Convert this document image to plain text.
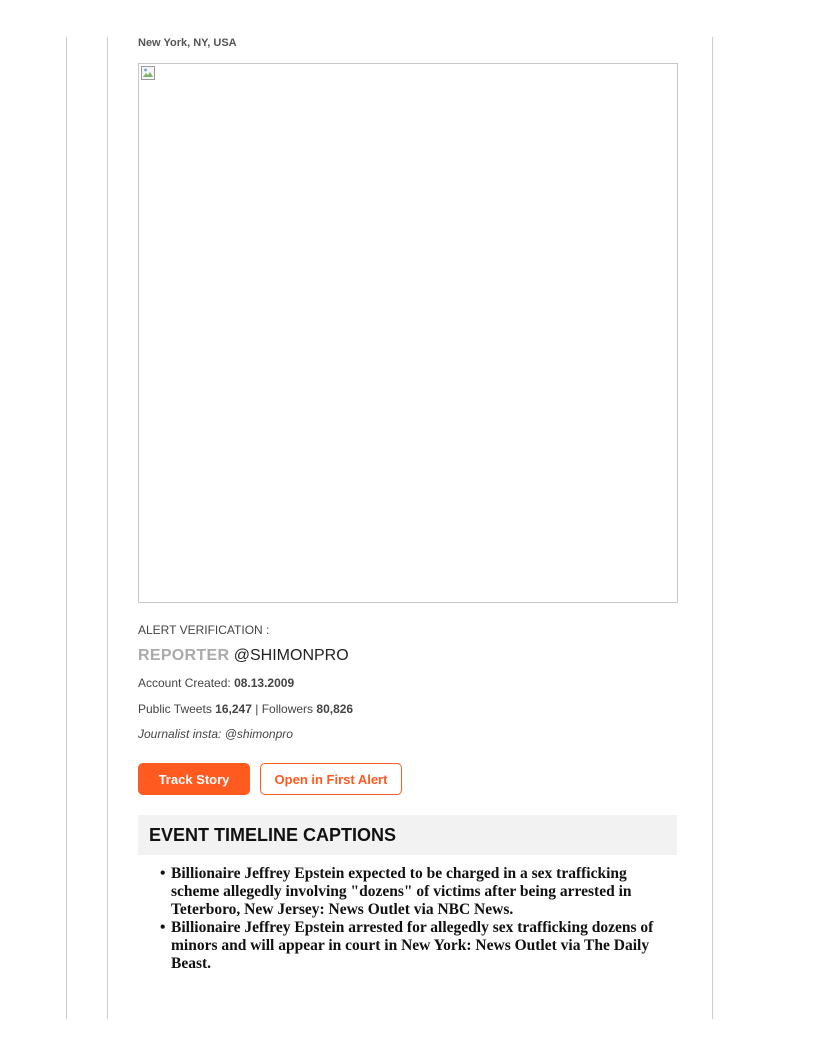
New York, NY, USA
ALERT VERIFICATION :
REPORTER @SHIMONPRO
Account Created: 08.13.2009
Public Tweets 16,247 | Followers 80,826
Journalist insta: @shimonpro
Track Story	Open in First Alert
EVENT TIMELINE CAPTIONS
• Billionaire Jeffrey Epstein expected to be charged in a sex trafficking scheme allegedly involving "dozens" of victims after being arrested in Teterboro, New Jersey: News Outlet via NBC News.
• Billionaire Jeffrey Epstein arrested for allegedly sex trafficking dozens of minors and will appear in court in New York: News Outlet via The Daily Beast.
